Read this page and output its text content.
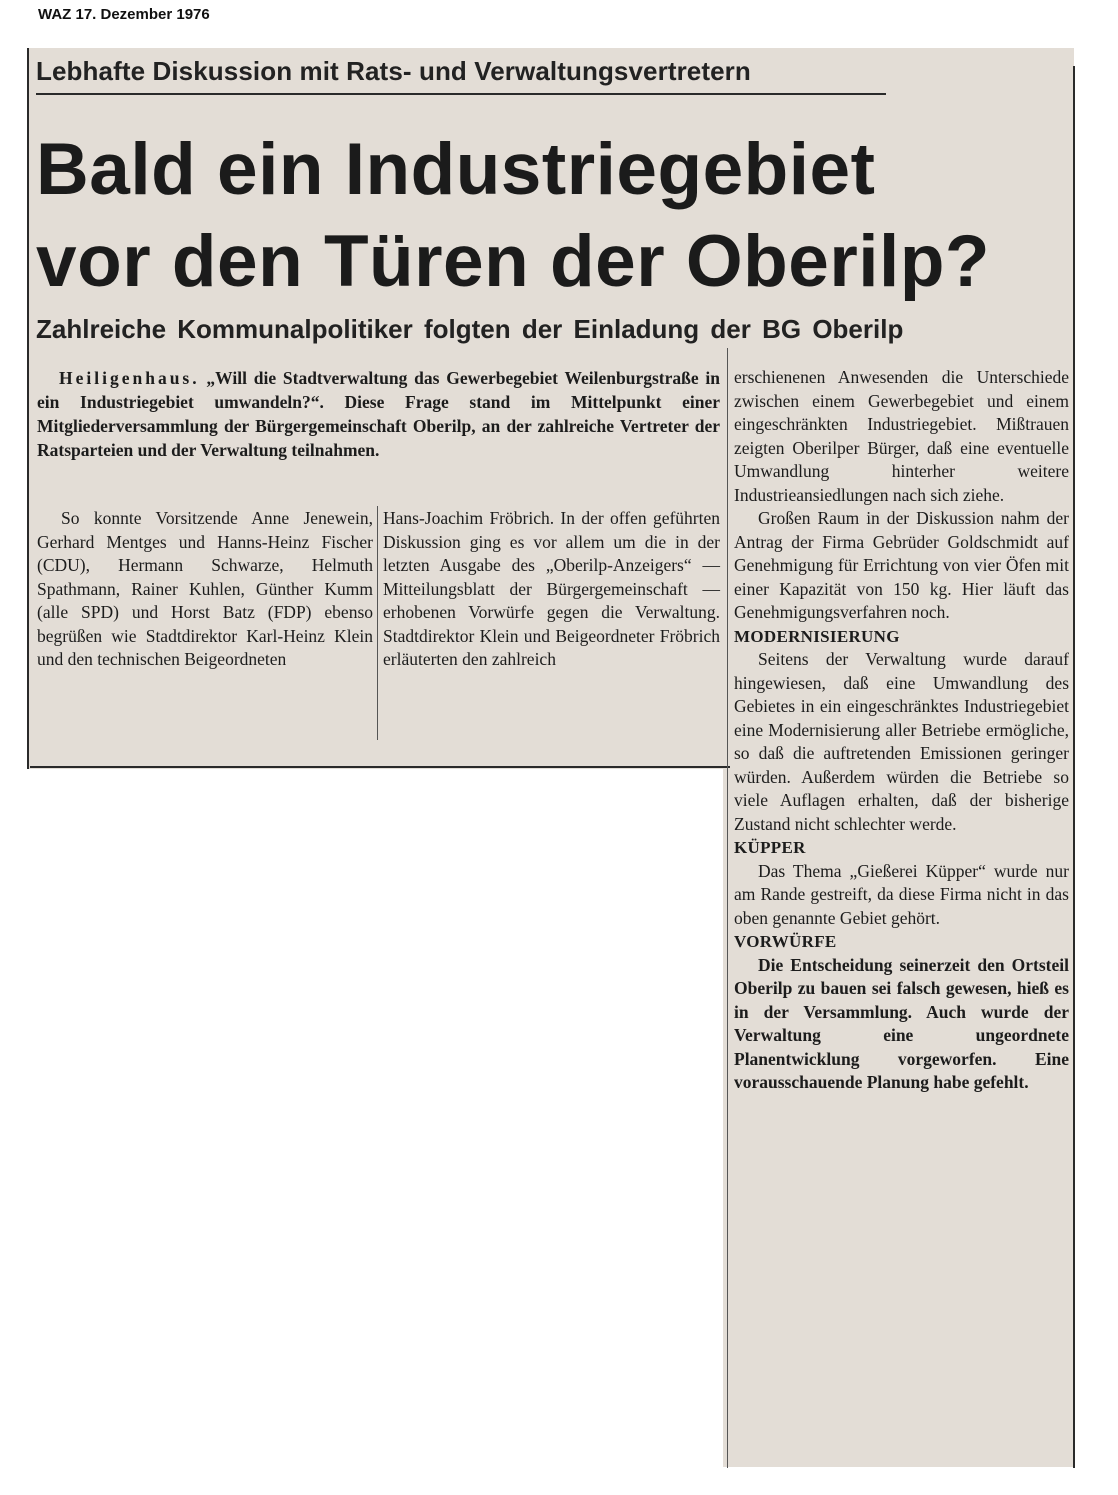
WAZ 17. Dezember 1976
Lebhafte Diskussion mit Rats- und Verwaltungsvertretern
Bald ein Industriegebiet
vor den Türen der Oberilp?
Zahlreiche Kommunalpolitiker folgten der Einladung der BG Oberilp
Heiligenhaus. „Will die Stadtverwaltung das Gewerbegebiet Weilenburgstraße in ein Industriegebiet umwandeln?“. Diese Frage stand im Mittelpunkt einer Mitgliederversammlung der Bürgergemeinschaft Oberilp, an der zahlreiche Vertreter der Ratsparteien und der Verwaltung teilnahmen.

So konnte Vorsitzende Anne Jenewein, Gerhard Mentges und Hanns-Heinz Fischer (CDU), Hermann Schwarze, Helmuth Spathmann, Rainer Kuhlen, Günther Kumm (alle SPD) und Horst Batz (FDP) ebenso begrüßen wie Stadtdirektor Karl-Heinz Klein und den technischen Beigeordneten

Hans-Joachim Fröbrich. In der offen geführten Diskussion ging es vor allem um die in der letzten Ausgabe des „Oberilp-Anzeigers“ — Mitteilungsblatt der Bürgergemeinschaft — erhobenen Vorwürfe gegen die Verwaltung. Stadtdirektor Klein und Beigeordneter Fröbrich erläuterten den zahlreich

erschienenen Anwesenden die Unterschiede zwischen einem Gewerbegebiet und einem eingeschränkten Industriegebiet. Mißtrauen zeigten Oberilper Bürger, daß eine eventuelle Umwandlung hinterher weitere Industrieansiedlungen nach sich ziehe.

Großen Raum in der Diskussion nahm der Antrag der Firma Gebrüder Goldschmidt auf Genehmigung für Errichtung von vier Öfen mit einer Kapazität von 150 kg. Hier läuft das Genehmigungsverfahren noch.

MODERNISIERUNG

Seitens der Verwaltung wurde darauf hingewiesen, daß eine Umwandlung des Gebietes in ein eingeschränktes Industriegebiet eine Modernisierung aller Betriebe ermögliche, so daß die auftretenden Emissionen geringer würden. Außerdem würden die Betriebe so viele Auflagen erhalten, daß der bisherige Zustand nicht schlechter werde.

KÜPPER

Das Thema „Gießerei Küpper“ wurde nur am Rande gestreift, da diese Firma nicht in das oben genannte Gebiet gehört.

VORWÜRFE

Die Entscheidung seinerzeit den Ortsteil Oberilp zu bauen sei falsch gewesen, hieß es in der Versammlung. Auch wurde der Verwaltung eine ungeordnete Planentwicklung vorgeworfen. Eine vorausschauende Planung habe gefehlt.
